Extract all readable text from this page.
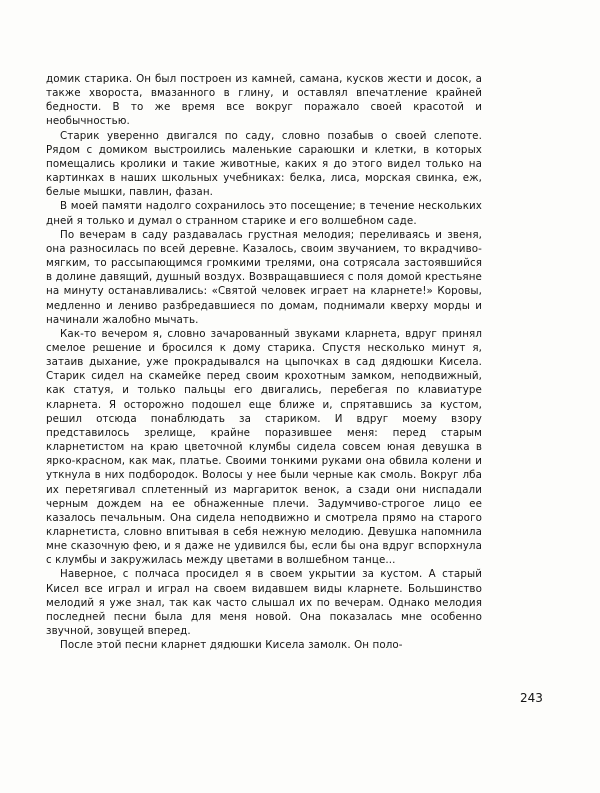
домик старика. Он был построен из камней, самана, кусков жести и досок, а также хвороста, вмазанного в глину, и оставлял впечатление крайней бедности. В то же время все вокруг поражало своей красотой и необычностью.

Старик уверенно двигался по саду, словно позабыв о своей слепоте. Рядом с домиком выстроились маленькие сараюшки и клетки, в которых помещались кролики и такие животные, каких я до этого видел только на картинках в наших школьных учебниках: белка, лиса, морская свинка, еж, белые мышки, павлин, фазан.

В моей памяти надолго сохранилось это посещение; в течение нескольких дней я только и думал о странном старике и его волшебном саде.

По вечерам в саду раздавалась грустная мелодия; переливаясь и звеня, она разносилась по всей деревне. Казалось, своим звучанием, то вкрадчиво-мягким, то рассыпающимся громкими трелями, она сотрясала застоявшийся в долине давящий, душный воздух. Возвращавшиеся с поля домой крестьяне на минуту останавливались: «Святой человек играет на кларнете!» Коровы, медленно и лениво разбредавшиеся по домам, поднимали кверху морды и начинали жалобно мычать.

Как-то вечером я, словно зачарованный звуками кларнета, вдруг принял смелое решение и бросился к дому старика. Спустя несколько минут я, затаив дыхание, уже прокрадывался на цыпочках в сад дядюшки Кисела. Старик сидел на скамейке перед своим крохотным замком, неподвижный, как статуя, и только пальцы его двигались, перебегая по клавиатуре кларнета. Я осторожно подошел еще ближе и, спрятавшись за кустом, решил отсюда понаблюдать за стариком. И вдруг моему взору представилось зрелище, крайне поразившее меня: перед старым кларнетистом на краю цветочной клумбы сидела совсем юная девушка в ярко-красном, как мак, платье. Своими тонкими руками она обвила колени и уткнула в них подбородок. Волосы у нее были черные как смоль. Вокруг лба их перетягивал сплетенный из маргариток венок, а сзади они ниспадали черным дождем на ее обнаженные плечи. Задумчиво-строгое лицо ее казалось печальным. Она сидела неподвижно и смотрела прямо на старого кларнетиста, словно впитывая в себя нежную мелодию. Девушка напомнила мне сказочную фею, и я даже не удивился бы, если бы она вдруг вспорхнула с клумбы и закружилась между цветами в волшебном танце...

Наверное, с полчаса просидел я в своем укрытии за кустом. А старый Кисел все играл и играл на своем видавшем виды кларнете. Большинство мелодий я уже знал, так как часто слышал их по вечерам. Однако мелодия последней песни была для меня новой. Она показалась мне особенно звучной, зовущей вперед.

После этой песни кларнет дядюшки Кисела замолк. Он поло-

243
